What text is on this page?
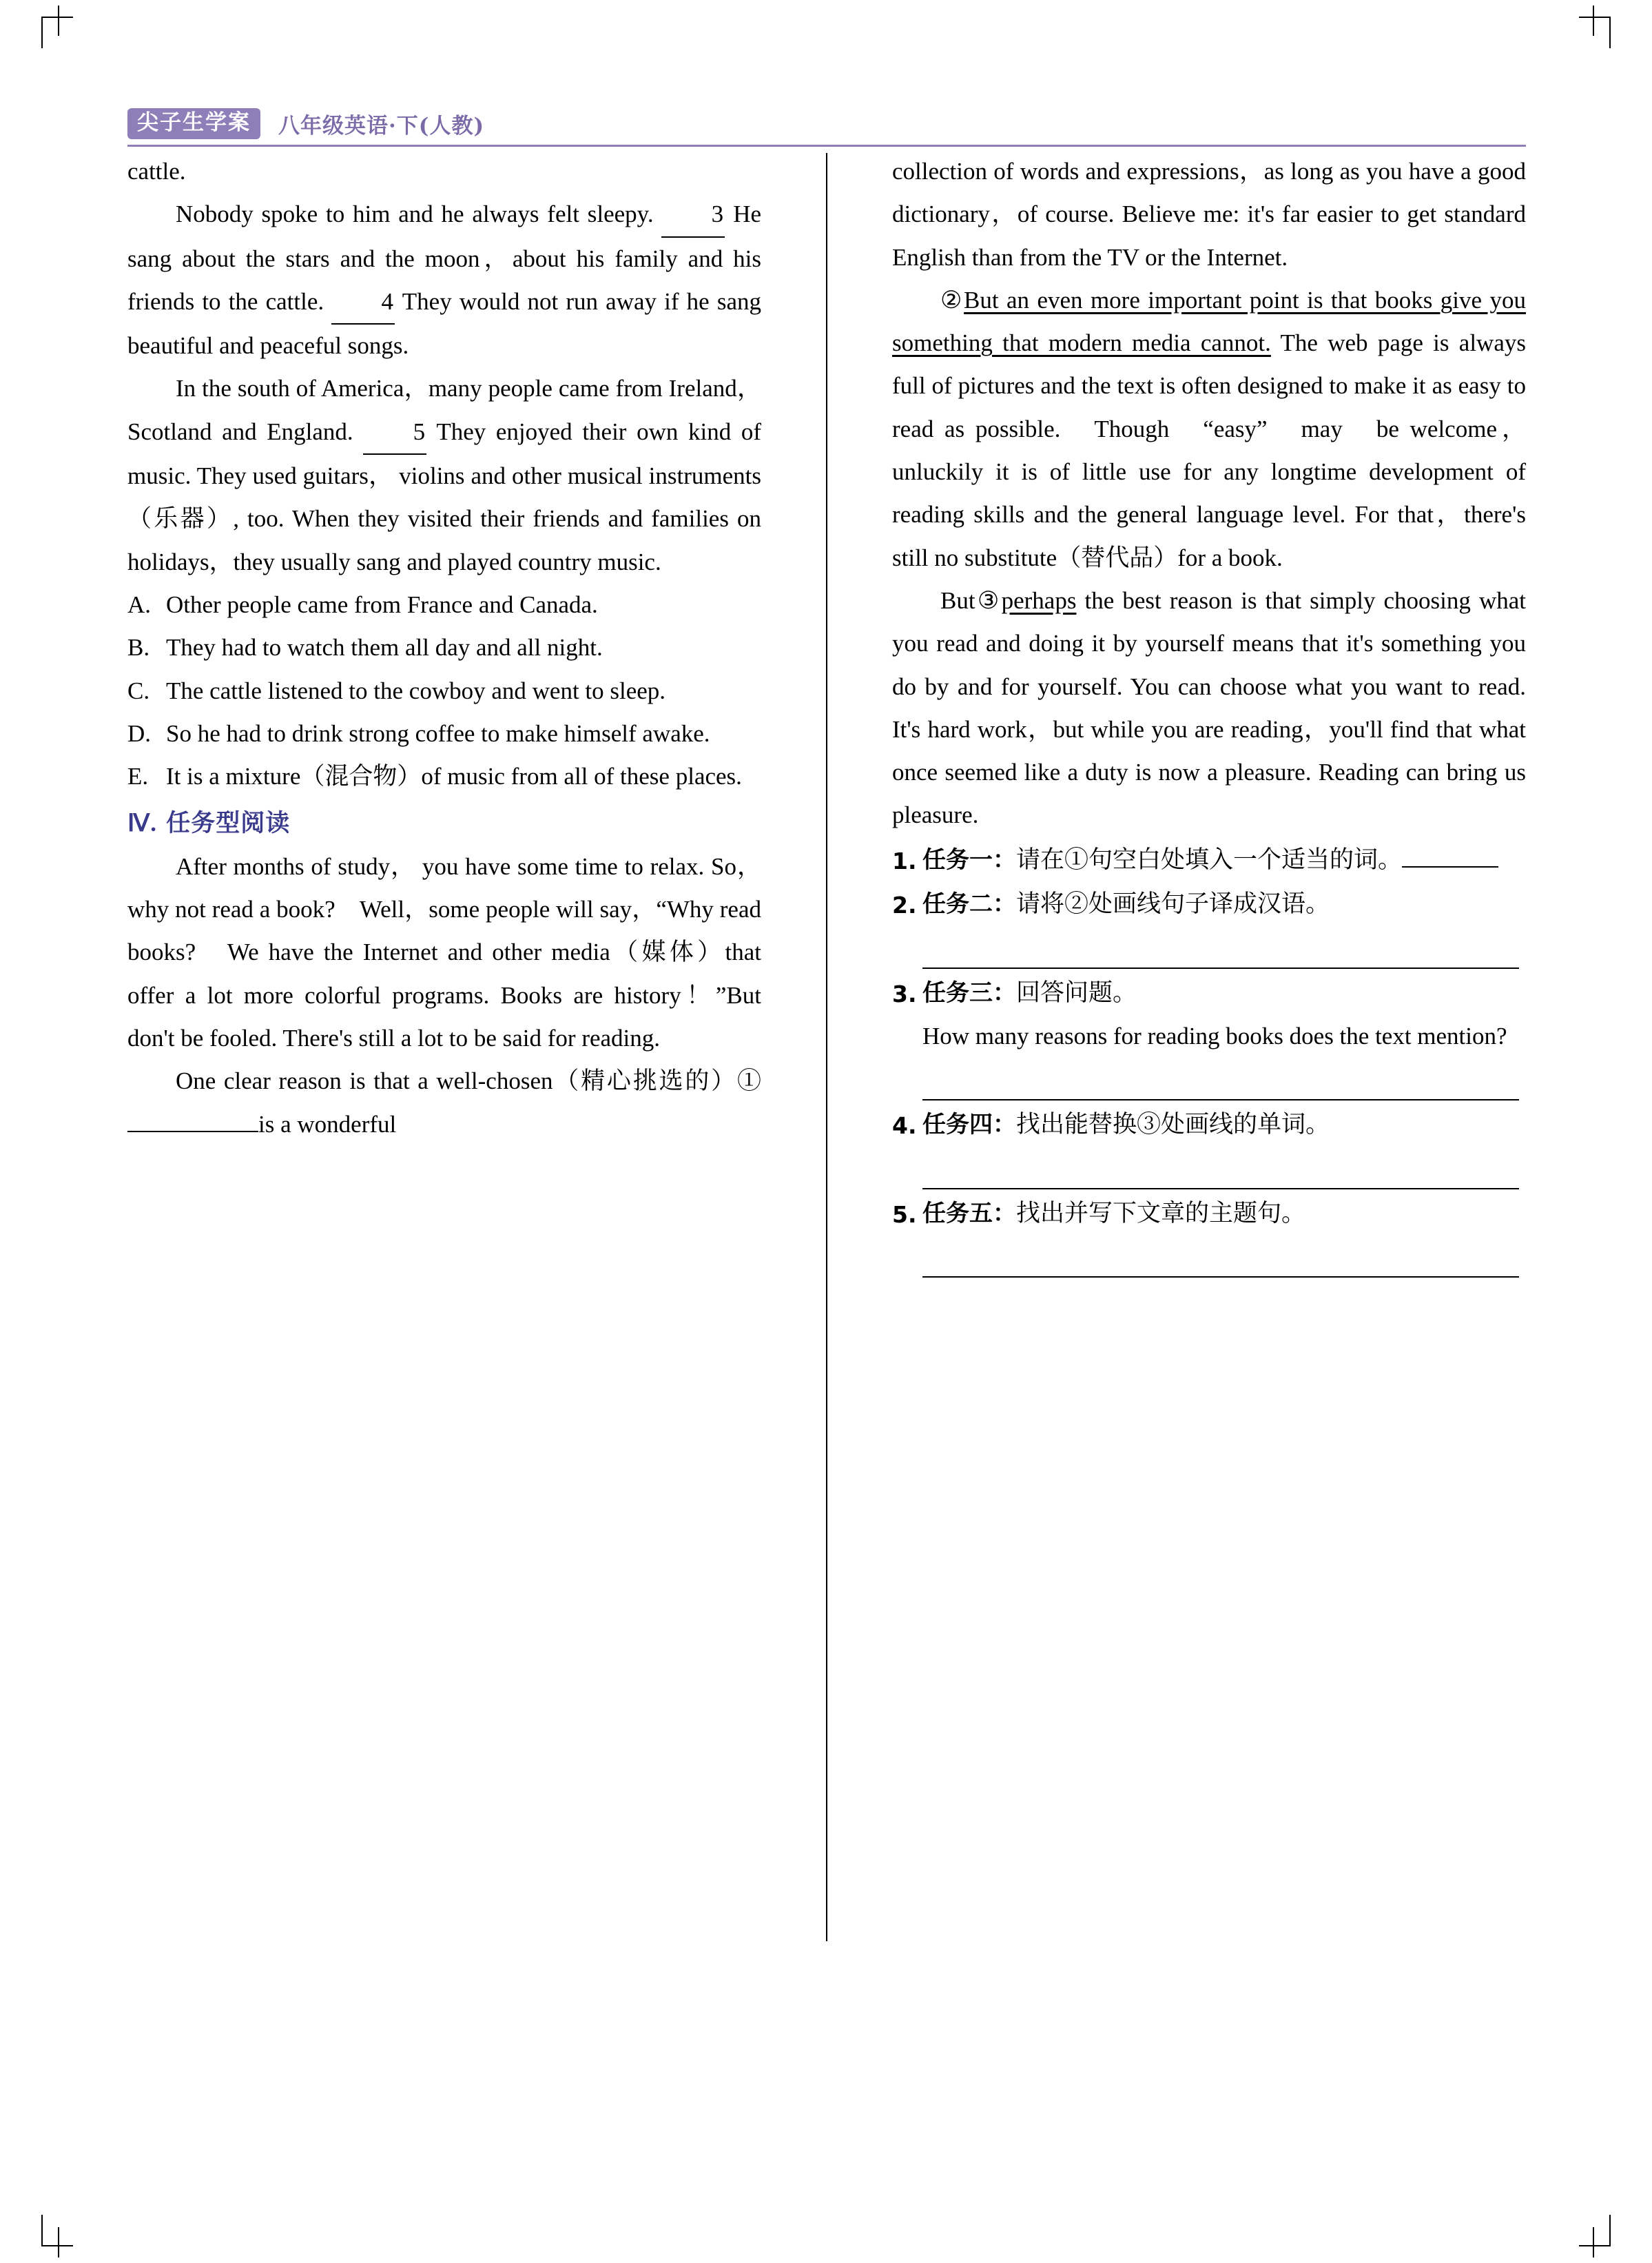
尖子生学案	八年级英语·下(人教)

cattle.

Nobody spoke to him and he always felt sleepy. 3 He sang about the stars and the moon，about his family and his friends to the cattle. 4 They would not run away if he sang beautiful and peaceful songs.

In the south of America，many people came from Ireland，Scotland and England. 5 They enjoyed their own kind of music. They used guitars， violins and other musical instruments（乐器）, too. When they visited their friends and families on holidays，they usually sang and played country music.

A. Other people came from France and Canada.
B. They had to watch them all day and all night.
C. The cattle listened to the cowboy and went to sleep.
D. So he had to drink strong coffee to make himself awake.
E. It is a mixture（混合物）of music from all of these places.
Ⅳ. 任务型阅读

After months of study， you have some time to relax. So， why not read a book?　Well，some people will say，“Why read books?　We have the Internet and other media（媒体）that offer a lot more colorful programs. Books are history！”But don't be fooled. There's still a lot to be said for reading.

One clear reason is that a well-chosen（精心挑选的）①is a wonderful

collection of words and expressions，as long as you have a good dictionary，of course. Believe me: it's far easier to get standard English than from the TV or the Internet.

②But an even more important point is that books give you something that modern media cannot. The web page is always full of pictures and the text is often designed to make it as easy to read as possible.　Though　“easy”　may　be welcome， unluckily it is of little use for any longtime development of reading skills and the general language level. For that，there's still no substitute（替代品）for a book.

But③perhaps the best reason is that simply choosing what you read and doing it by yourself means that it's something you do by and for yourself. You can choose what you want to read. It's hard work，but while you are reading，you'll find that what once seemed like a duty is now a pleasure. Reading can bring us pleasure.

1. 任务一：请在①句空白处填入一个适当的词。
2. 任务二：请将②处画线句子译成汉语。
3. 任务三：回答问题。
How many reasons for reading books does the text mention?
4. 任务四：找出能替换③处画线的单词。
5. 任务五：找出并写下文章的主题句。
